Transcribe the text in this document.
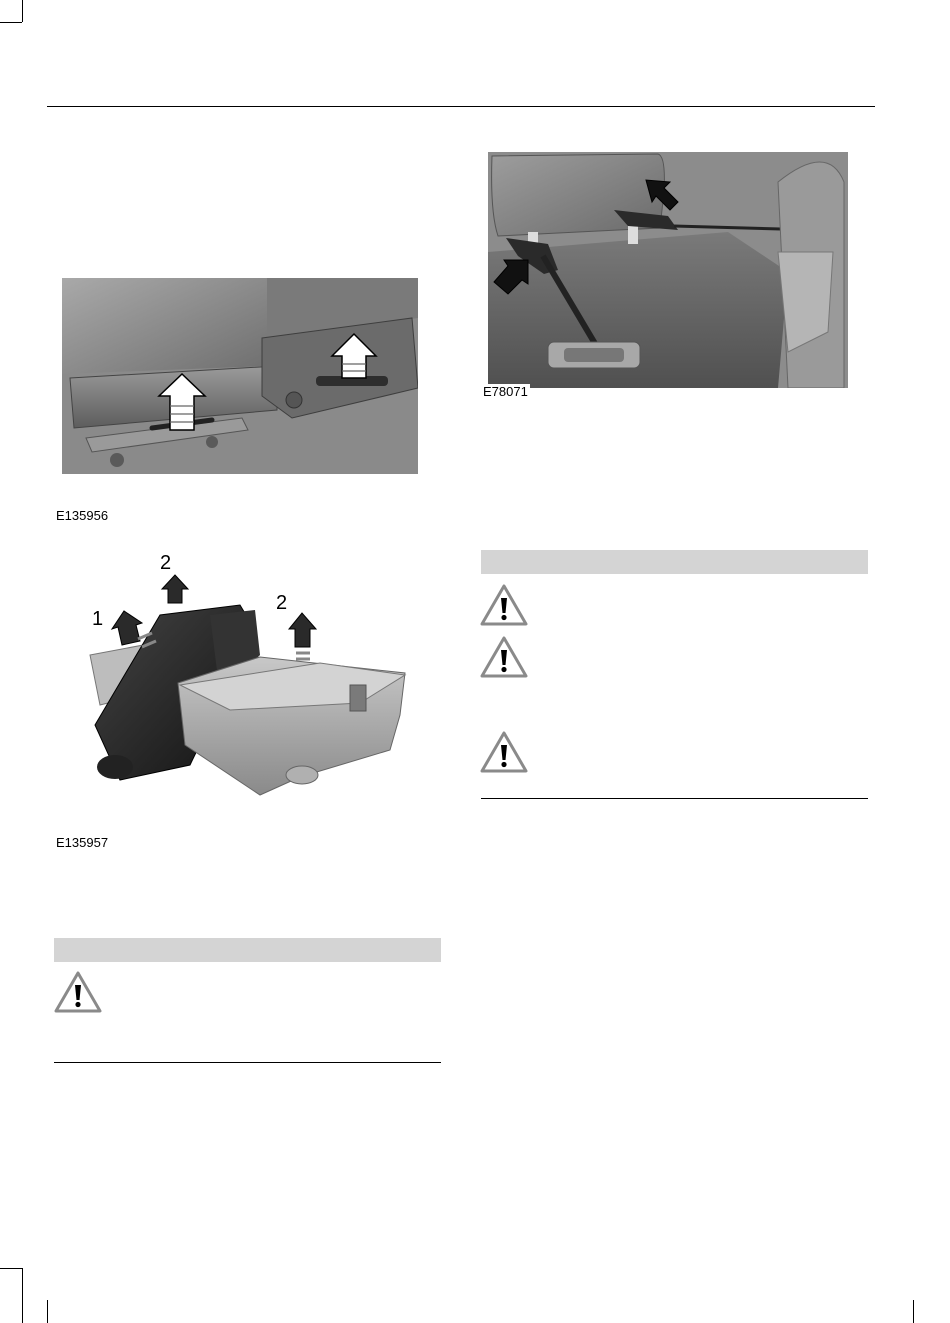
E135956
1
2
2
E135957
E78071
